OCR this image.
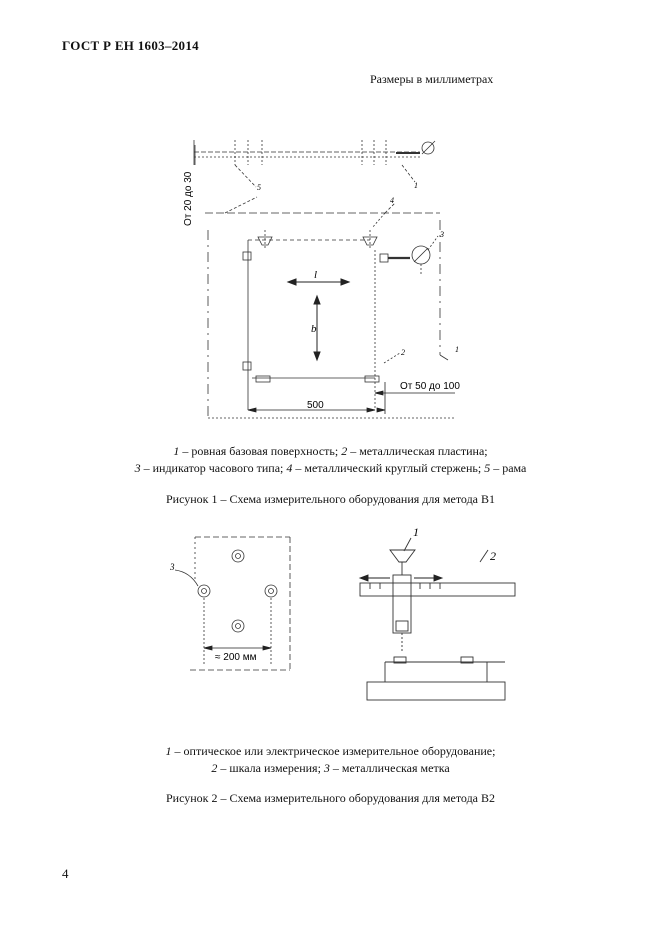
ГОСТ Р ЕН 1603–2014
Размеры в миллиметрах
От 20 до 30
500
От 50 до 100
l
b
5	1
4
3
2	1
1 – ровная базовая поверхность; 2 – металлическая пластина;
3 – индикатор часового типа; 4 – металлический круглый стержень; 5 – рама
Рисунок 1 – Схема измерительного оборудования для метода В1
3
≈ 200 мм
1
2
1 – оптическое или электрическое измерительное оборудование;
2 – шкала измерения; 3 – металлическая метка
Рисунок 2 – Схема измерительного оборудования для метода В2
4
